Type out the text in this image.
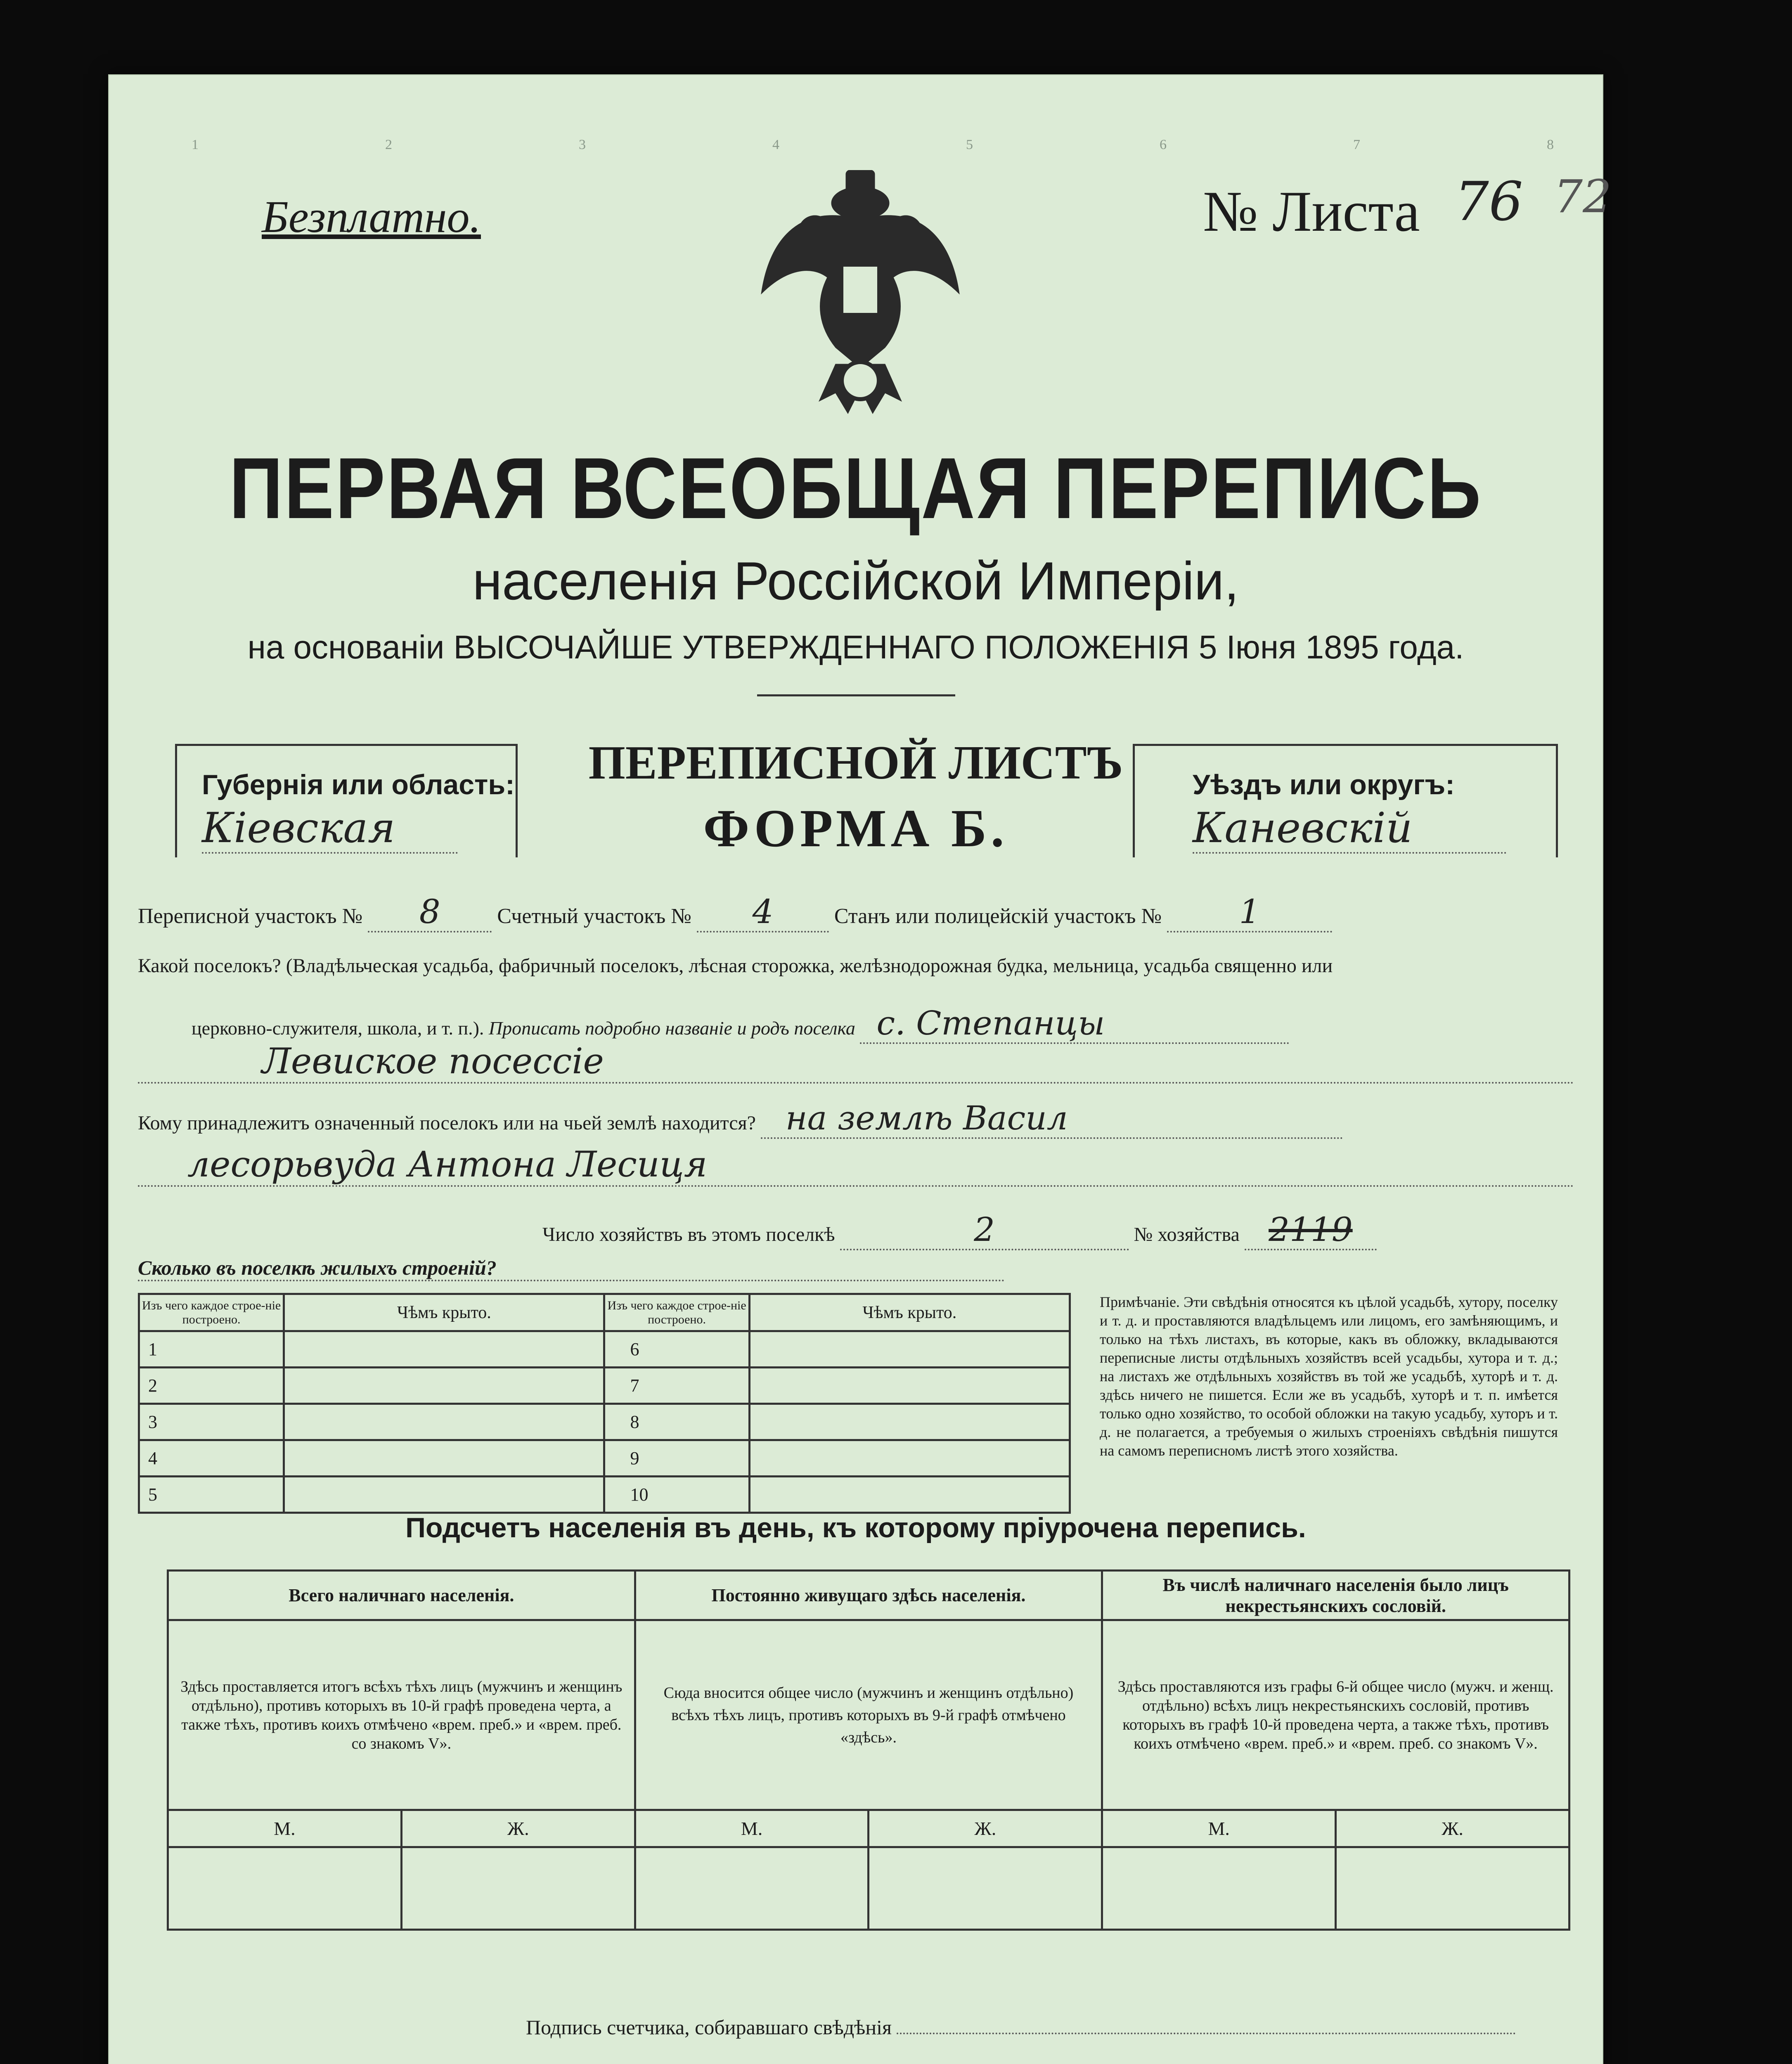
1	2	3	4	5	6	7	8
Безплатно.	№ Листа 76 72
ПЕРВАЯ ВСЕОБЩАЯ ПЕРЕПИСЬ
населенія Россійской Имперіи,
на основаніи ВЫСОЧАЙШЕ УТВЕРЖДЕННАГО ПОЛОЖЕНІЯ 5 Іюня 1895 года.
Губернія или область:
Кіевская
ПЕРЕПИСНОЙ ЛИСТЪ
ФОРМА Б.
Уѣздъ или округъ:
Каневскій
Переписной участокъ № 8	Счетный участокъ № 4	Станъ или полицейскій участокъ № 1
Какой поселокъ? (Владѣльческая усадьба, фабричный поселокъ, лѣсная сторожка, желѣзнодорожная будка, мельница, усадьба священно или
церковно-служителя, школа, и т. п.). Прописать подробно названіе и родъ поселка с. Степанцы
Левиское посессіе
Кому принадлежитъ означенный поселокъ или на чьей землѣ находится? на землѣ Васил
лесорьвуда Антона Лесиця
Число хозяйствъ въ этомъ поселкѣ	2	№ хозяйства 2119
Сколько въ поселкѣ жилыхъ строеній?
Изъ чего каждое строе-ніе построено.	Чѣмъ крыто.	Изъ чего каждое строе-ніе построено.	Чѣмъ крыто.
1		6	
2		7	
3		8	
4		9	
5		10	
Примѣчаніе. Эти свѣдѣнія относятся къ цѣлой усадьбѣ, хутору, поселку и т. д. и проставляются владѣльцемъ или лицомъ, его замѣняющимъ, и только на тѣхъ листахъ, въ которые, какъ въ обложку, вкладываются переписные листы отдѣльныхъ хозяйствъ всей усадьбы, хутора и т. д.; на листахъ же отдѣльныхъ хозяйствъ въ той же усадьбѣ, хуторѣ и т. д. здѣсь ничего не пишется. Если же въ усадьбѣ, хуторѣ и т. п. имѣется только одно хозяйство, то особой обложки на такую усадьбу, хуторъ и т. д. не полагается, а требуемыя о жилыхъ строеніяхъ свѣдѣнія пишутся на самомъ переписномъ листѣ этого хозяйства.
Подсчетъ населенія въ день, къ которому пріурочена перепись.
Всего наличнаго населенія.		Постоянно живущаго здѣсь населенія.		Въ числѣ наличнаго населенія было лицъ некрестьянскихъ сословій.	
Здѣсь проставляется итогъ всѣхъ тѣхъ лицъ (мужчинъ и женщинъ отдѣльно), противъ которыхъ въ 10-й графѣ проведена черта, а также тѣхъ, противъ коихъ отмѣчено «врем. преб.» и «врем. преб. со знакомъ V».		Сюда вносится общее число (мужчинъ и женщинъ отдѣльно) всѣхъ тѣхъ лицъ, противъ которыхъ въ 9-й графѣ отмѣчено «здѣсь».		Здѣсь проставляются изъ графы 6-й общее число (мужч. и женщ. отдѣльно) всѣхъ лицъ некрестьянскихъ сословій, противъ которыхъ въ графѣ 10-й проведена черта, а также тѣхъ, противъ коихъ отмѣчено «врем. преб.» и «врем. преб. со знакомъ V».	
М.	Ж.	М.	Ж.	М.	Ж.

Подпись счетчика, собиравшаго свѣдѣнія
